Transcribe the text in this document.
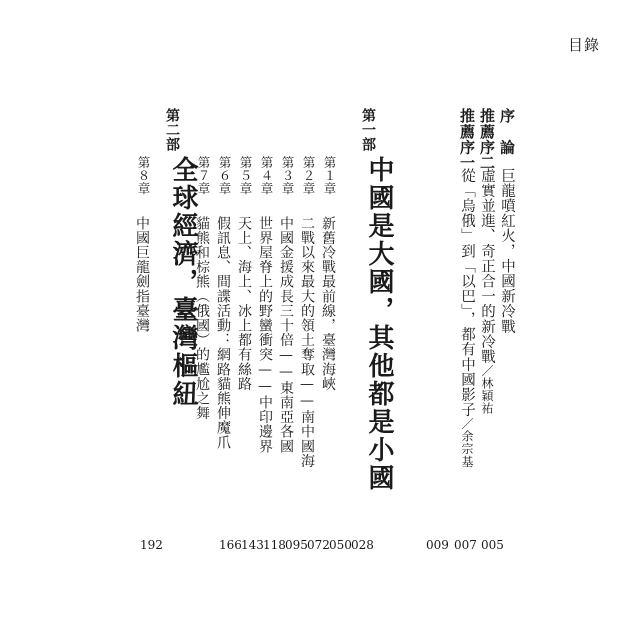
目錄
推薦序一
從「烏俄」到「以巴」，都有中國影子／余宗基
推薦序二
虛實並進、奇正合一的新冷戰／林穎祐
序　論
巨龍噴紅火，中國新冷戰
第一部
中國是大國，其他都是小國
第１章
新舊冷戰最前線，臺灣海峽
第２章
二戰以來最大的領土奪取——南中國海
第３章
中國金援成長三十倍——東南亞各國
第４章
世界屋脊上的野蠻衝突——中印邊界
第５章
天上、海上、冰上都有絲路
第６章
假訊息、間諜活動：網路貓熊伸魔爪
第７章
貓熊和棕熊（俄國）的尷尬之舞
第二部
全球經濟，臺灣樞紐
第８章
中國巨龍劍指臺灣
009 007 005
166 143 118 095 072 050 028
192
